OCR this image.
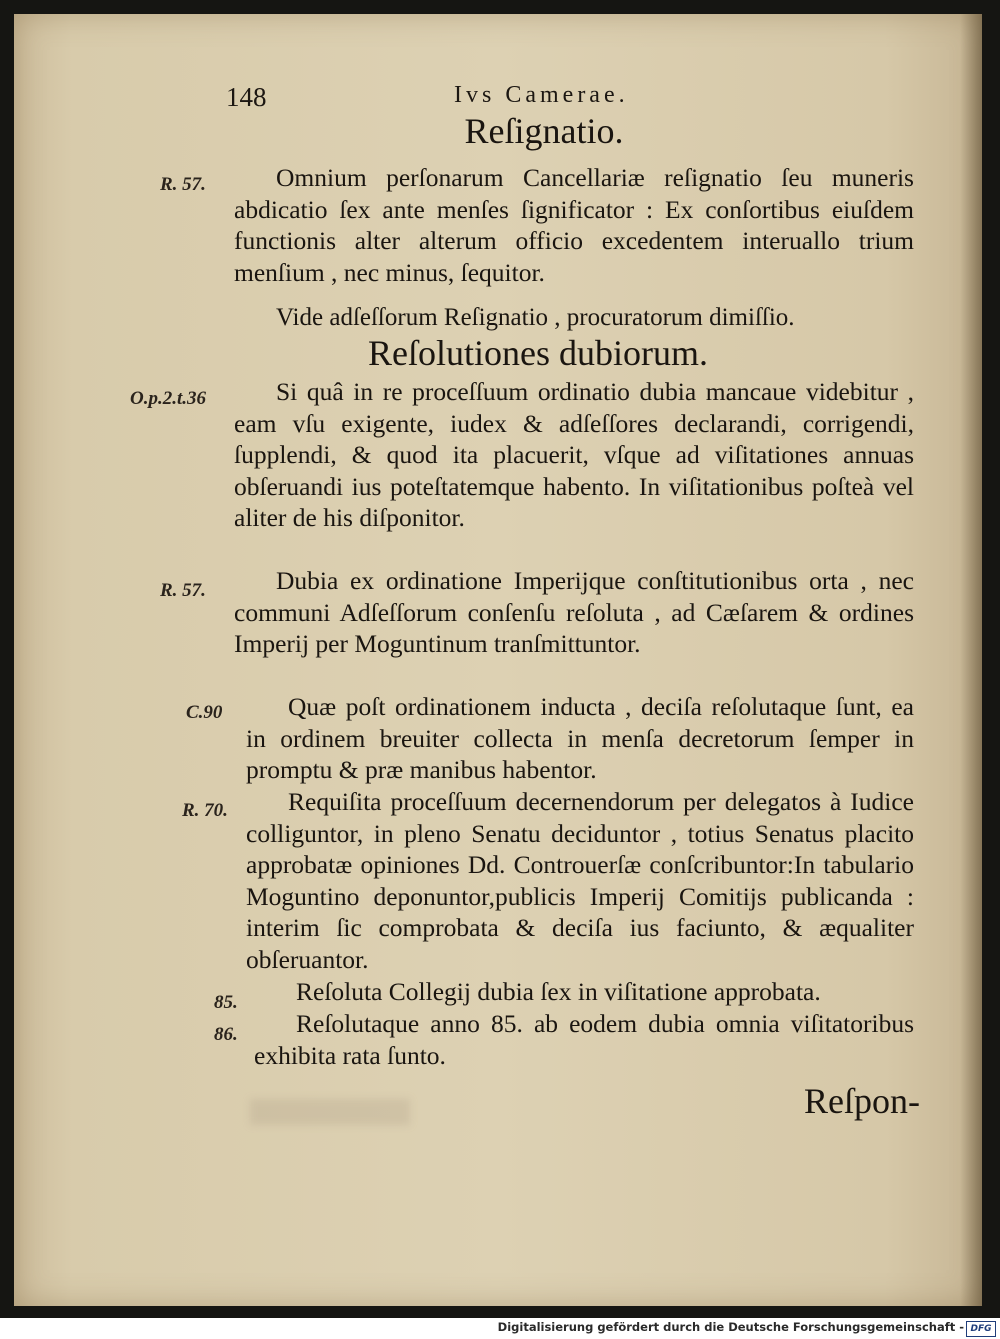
148	Ivs Camerae.
Reſignatio.
R. 57.	Omnium perſonarum Cancellariæ reſignatio ſeu muneris abdicatio ſex ante menſes ſignificator : Ex conſortibus eiuſdem functionis alter alterum officio excedentem interuallo trium menſium , nec minus, ſequitor.
Vide adſeſſorum Reſignatio , procuratorum dimiſſio.
Reſolutiones dubiorum.
O.p.2.t.36	Si quâ in re proceſſuum ordinatio dubia mancaue videbitur , eam vſu exigente, iudex & adſeſſores declarandi, corrigendi, ſupplendi, & quod ita placuerit, vſque ad viſitationes annuas obſeruandi ius poteſtatemque habento. In viſitationibus poſteà vel aliter de his diſponitor.
R. 57.	Dubia ex ordinatione Imperijque conſtitutionibus orta , nec communi Adſeſſorum conſenſu reſoluta , ad Cæſarem & ordines Imperij per Moguntinum tranſmittuntor.
C.90	Quæ poſt ordinationem inducta , deciſa reſolutaque ſunt, ea in ordinem breuiter collecta in menſa decretorum ſemper in promptu & præ manibus habentor.
R. 70.	Requiſita proceſſuum decernendorum per delegatos à Iudice colliguntor, in pleno Senatu deciduntor , totius Senatus placito approbatæ opiniones Dd. Controuerſæ conſcribuntor:In tabulario Moguntino deponuntor,publicis Imperij Comitijs publicanda : interim ſic comprobata & deciſa ius faciunto, & æqualiter obſeruantor.
85.	Reſoluta Collegij dubia ſex in viſitatione approbata.
86.	Reſolutaque anno 85. ab eodem dubia omnia viſitatoribus exhibita rata ſunto.
Reſpon-
Digitalisierung gefördert durch die Deutsche Forschungsgemeinschaft - DFG
